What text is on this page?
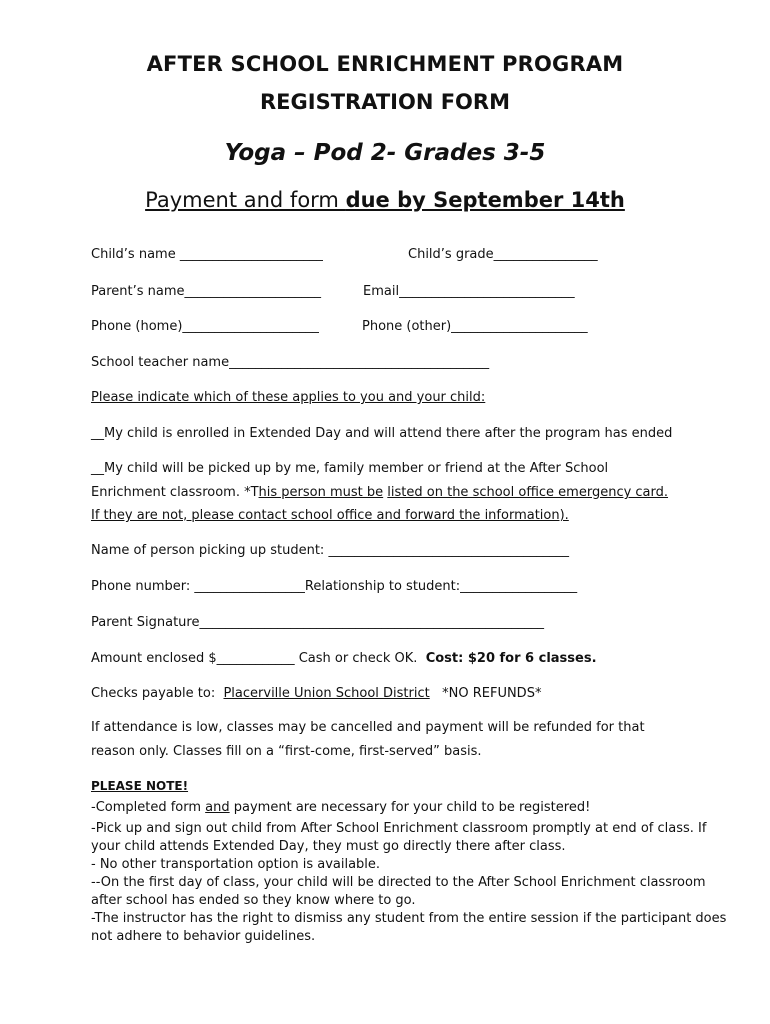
AFTER SCHOOL ENRICHMENT PROGRAM
REGISTRATION FORM
Yoga – Pod 2- Grades 3-5
Payment and form due by September 14th
Child’s name ______________________	Child’s grade________________
Parent’s name_____________________	Email___________________________
Phone (home)_____________________	Phone (other)_____________________
School teacher name________________________________________
Please indicate which of these applies to you and your child:
__My child is enrolled in Extended Day and will attend there after the program has ended
__My child will be picked up by me, family member or friend at the After School
Enrichment classroom. *This person must be listed on the school office emergency card.
If they are not, please contact school office and forward the information).
Name of person picking up student: _____________________________________
Phone number: _________________Relationship to student:__________________
Parent Signature_____________________________________________________
Amount enclosed $____________ Cash or check OK. Cost: $20 for 6 classes.
Checks payable to: Placerville Union School District *NO REFUNDS*
If attendance is low, classes may be cancelled and payment will be refunded for that
reason only. Classes fill on a “first-come, first-served” basis.
PLEASE NOTE!
-Completed form and payment are necessary for your child to be registered!
-Pick up and sign out child from After School Enrichment classroom promptly at end of class. If
your child attends Extended Day, they must go directly there after class.
- No other transportation option is available.
--On the first day of class, your child will be directed to the After School Enrichment classroom
after school has ended so they know where to go.
-The instructor has the right to dismiss any student from the entire session if the participant does
not adhere to behavior guidelines.
